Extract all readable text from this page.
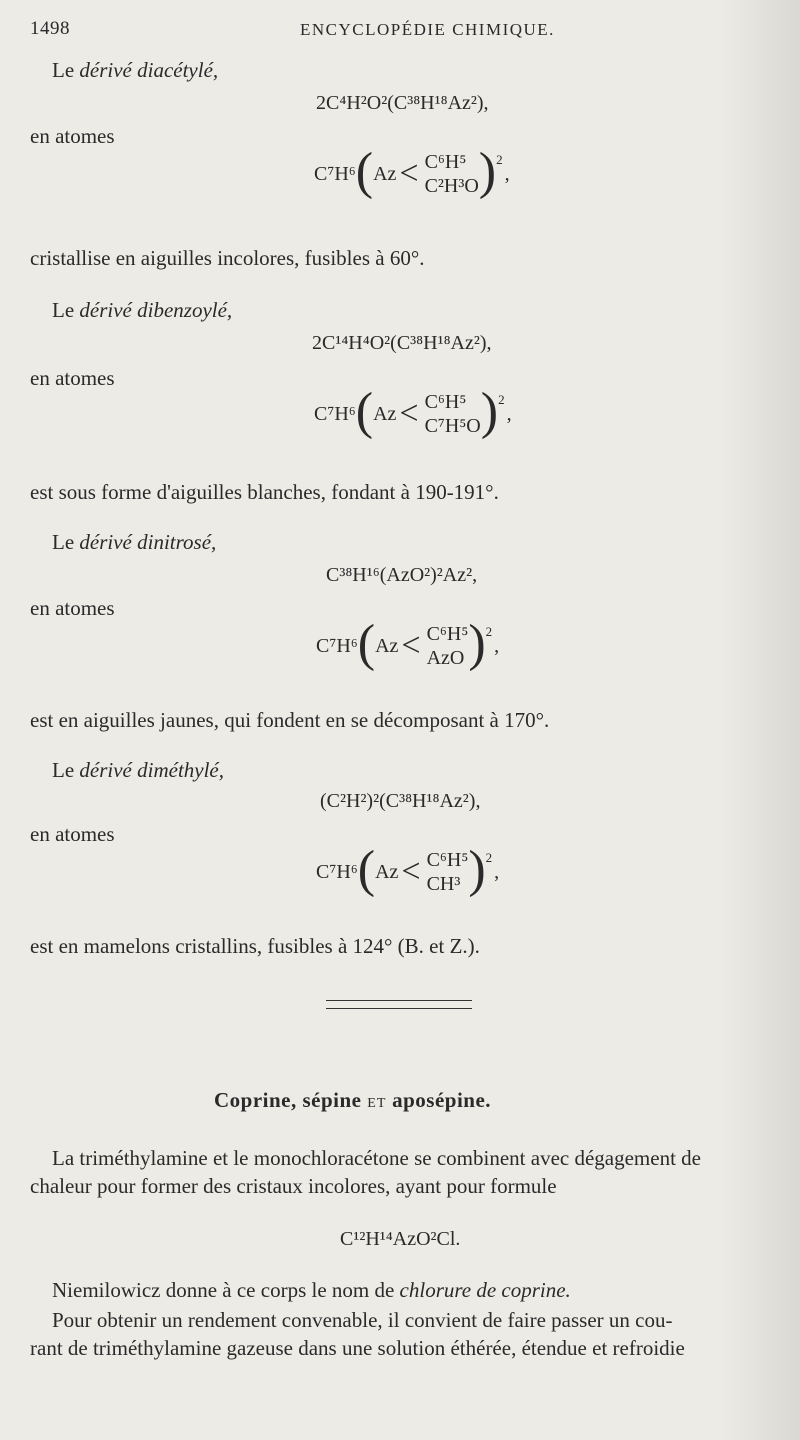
1498	ENCYCLOPÉDIE CHIMIQUE.
Le dérivé diacétylé,
2C⁴H²O²(C³⁸H¹⁸Az²),
en atomes
C⁷H⁶ ( Az < C⁶H⁵
C²H³O ) 2
,
cristallise en aiguilles incolores, fusibles à 60°.
Le dérivé dibenzoylé,
2C¹⁴H⁴O²(C³⁸H¹⁸Az²),
en atomes
C⁷H⁶ ( Az < C⁶H⁵
C⁷H⁵O ) 2
,
est sous forme d'aiguilles blanches, fondant à 190-191°.
Le dérivé dinitrosé,
C³⁸H¹⁶(AzO²)²Az²,
en atomes
C⁷H⁶ ( Az < C⁶H⁵
AzO ) 2
,
est en aiguilles jaunes, qui fondent en se décomposant à 170°.
Le dérivé diméthylé,
(C²H²)²(C³⁸H¹⁸Az²),
en atomes
C⁷H⁶ ( Az < C⁶H⁵
CH³ ) 2
,
est en mamelons cristallins, fusibles à 124° (B. et Z.).
Coprine, sépine ET aposépine.
La triméthylamine et le monochloracétone se combinent avec dégagement de
chaleur pour former des cristaux incolores, ayant pour formule
C¹²H¹⁴AzO²Cl.
Niemilowicz donne à ce corps le nom de chlorure de coprine.
Pour obtenir un rendement convenable, il convient de faire passer un cou-
rant de triméthylamine gazeuse dans une solution éthérée, étendue et refroidie
